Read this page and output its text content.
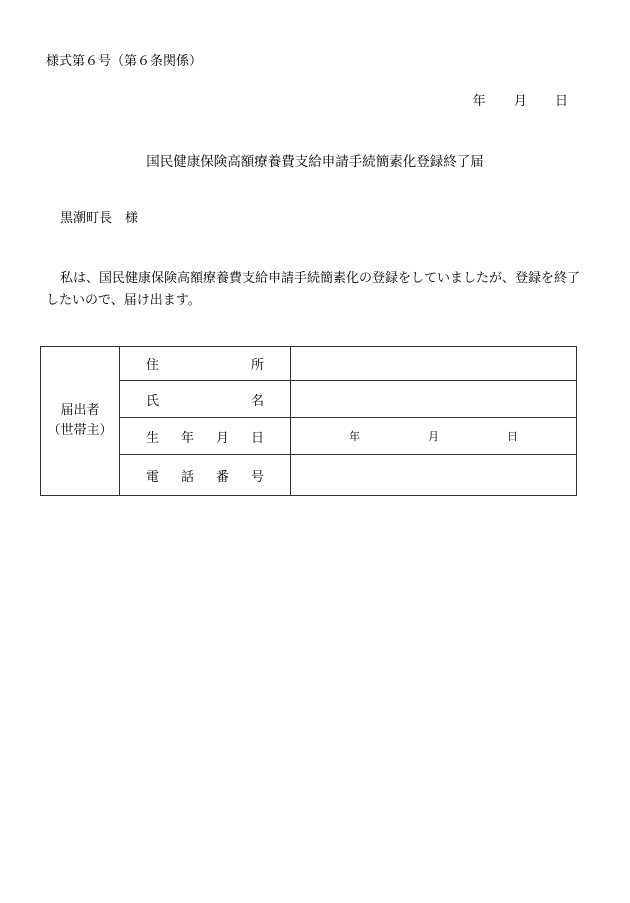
様式第６号（第６条関係）
年 月 日
国民健康保険高額療養費支給申請手続簡素化登録終了届
黒潮町長　様
私は、国民健康保険高額療養費支給申請手続簡素化の登録をしていましたが、登録を終了したいので、届け出ます。
届出者
（世帯主）	住　所	
	氏　名	
	生年月日	年 月 日

	電話番号	
